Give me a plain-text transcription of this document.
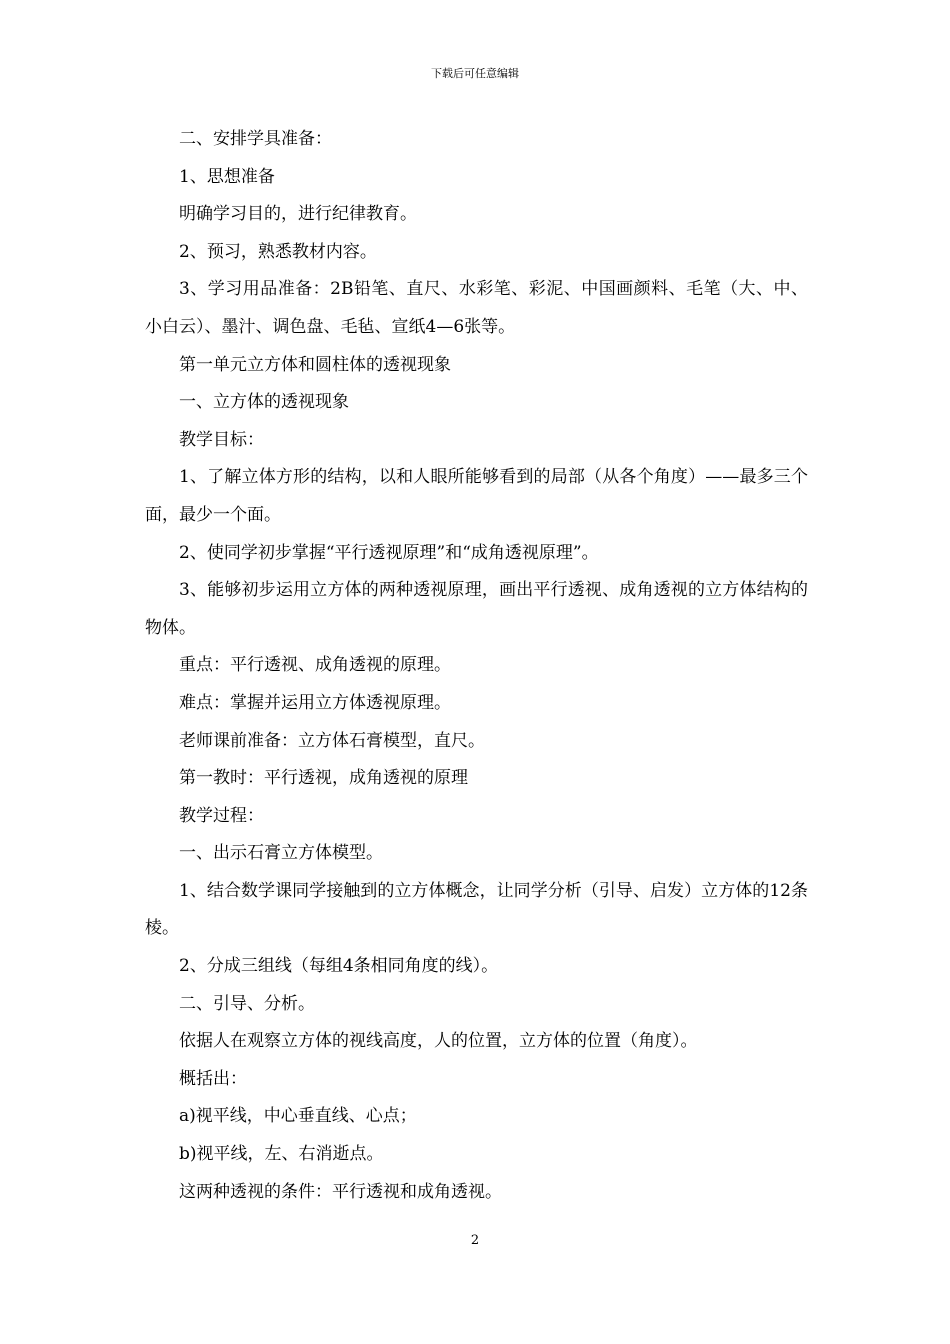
下载后可任意编辑

二、安排学具准备：

1、思想准备

明确学习目的，进行纪律教育。

2、预习，熟悉教材内容。

3、学习用品准备：2B铅笔、直尺、水彩笔、彩泥、中国画颜料、毛笔（大、中、小白云）、墨汁、调色盘、毛毡、宣纸4—6张等。

第一单元立方体和圆柱体的透视现象

一、立方体的透视现象

教学目标：

1、了解立体方形的结构，以和人眼所能够看到的局部（从各个角度）——最多三个面，最少一个面。

2、使同学初步掌握“平行透视原理”和“成角透视原理”。

3、能够初步运用立方体的两种透视原理，画出平行透视、成角透视的立方体结构的物体。

重点：平行透视、成角透视的原理。

难点：掌握并运用立方体透视原理。

老师课前准备：立方体石膏模型，直尺。

第一教时：平行透视，成角透视的原理

教学过程：

一、出示石膏立方体模型。

1、结合数学课同学接触到的立方体概念，让同学分析（引导、启发）立方体的12条棱。

2、分成三组线（每组4条相同角度的线）。

二、引导、分析。

依据人在观察立方体的视线高度，人的位置，立方体的位置（角度）。

概括出：

a)视平线，中心垂直线、心点；

b)视平线，左、右消逝点。

这两种透视的条件：平行透视和成角透视。

2
